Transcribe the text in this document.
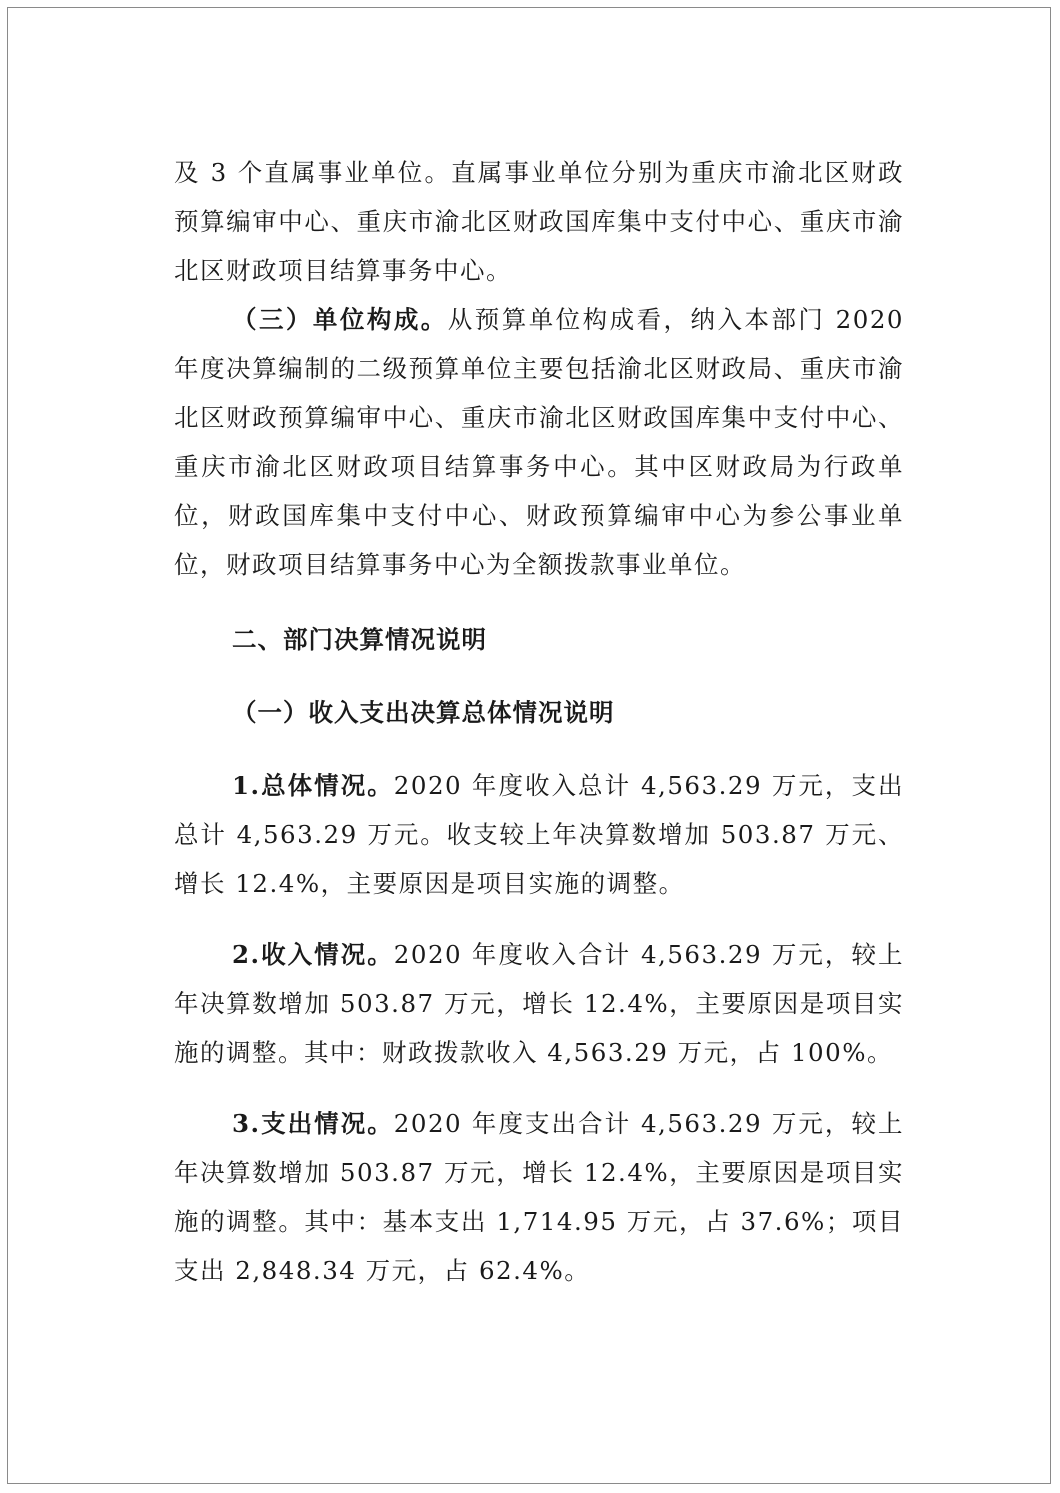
及 3 个直属事业单位。直属事业单位分别为重庆市渝北区财政预算编审中心、重庆市渝北区财政国库集中支付中心、重庆市渝北区财政项目结算事务中心。

（三）单位构成。从预算单位构成看，纳入本部门 2020 年度决算编制的二级预算单位主要包括渝北区财政局、重庆市渝北区财政预算编审中心、重庆市渝北区财政国库集中支付中心、重庆市渝北区财政项目结算事务中心。其中区财政局为行政单位，财政国库集中支付中心、财政预算编审中心为参公事业单位，财政项目结算事务中心为全额拨款事业单位。

二、部门决算情况说明

（一）收入支出决算总体情况说明

1.总体情况。2020 年度收入总计 4,563.29 万元，支出总计 4,563.29 万元。收支较上年决算数增加 503.87 万元、增长 12.4%，主要原因是项目实施的调整。

2.收入情况。2020 年度收入合计 4,563.29 万元，较上年决算数增加 503.87 万元，增长 12.4%，主要原因是项目实施的调整。其中：财政拨款收入 4,563.29 万元，占 100%。

3.支出情况。2020 年度支出合计 4,563.29 万元，较上年决算数增加 503.87 万元，增长 12.4%，主要原因是项目实施的调整。其中：基本支出 1,714.95 万元，占 37.6%；项目支出 2,848.34 万元，占 62.4%。
